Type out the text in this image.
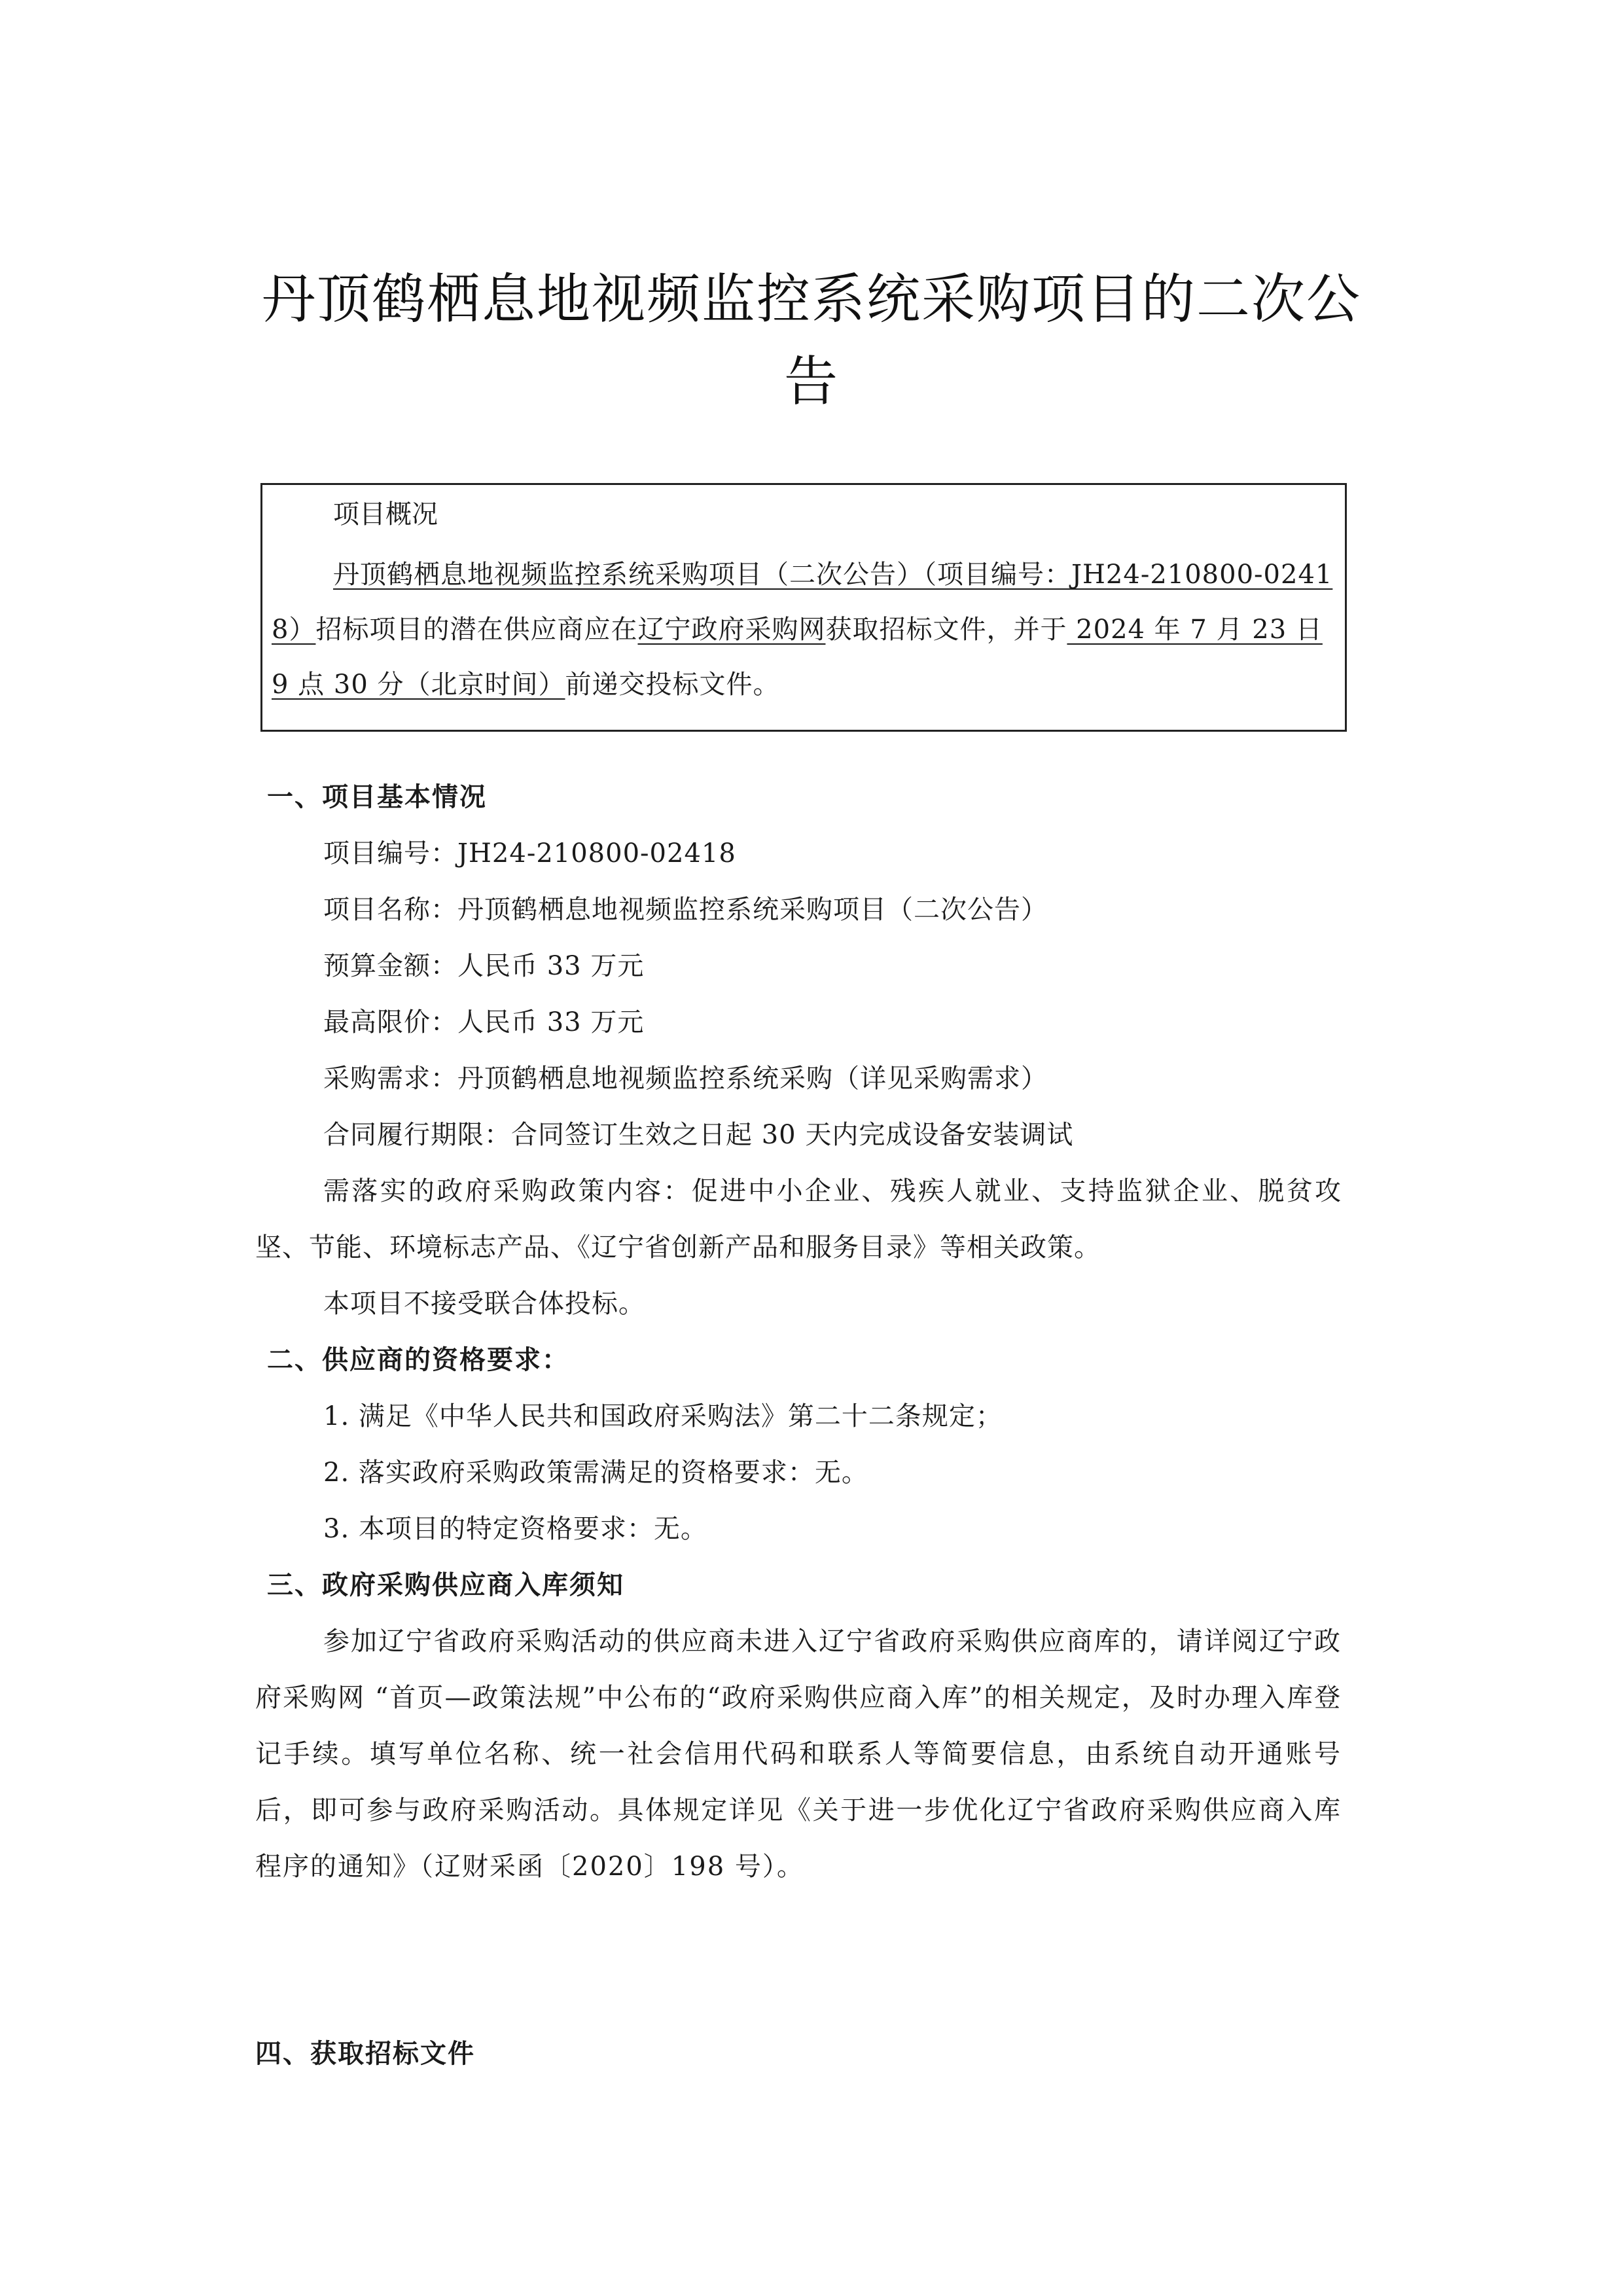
丹顶鹤栖息地视频监控系统采购项目的二次公告
项目概况
丹顶鹤栖息地视频监控系统采购项目（二次公告）（项目编号：JH24-210800-02418）招标项目的潜在供应商应在辽宁政府采购网获取招标文件，并于 2024 年 7 月 23 日 9 点 30 分（北京时间）前递交投标文件。
一、项目基本情况

项目编号：JH24-210800-02418

项目名称：丹顶鹤栖息地视频监控系统采购项目（二次公告）

预算金额：人民币 33 万元

最高限价：人民币 33 万元

采购需求：丹顶鹤栖息地视频监控系统采购（详见采购需求）

合同履行期限：合同签订生效之日起 30 天内完成设备安装调试

需落实的政府采购政策内容：促进中小企业、残疾人就业、支持监狱企业、脱贫攻坚、节能、环境标志产品、《辽宁省创新产品和服务目录》等相关政策。

本项目不接受联合体投标。

二、供应商的资格要求：

1. 满足《中华人民共和国政府采购法》第二十二条规定；

2. 落实政府采购政策需满足的资格要求：无。

3. 本项目的特定资格要求：无。

三、政府采购供应商入库须知

参加辽宁省政府采购活动的供应商未进入辽宁省政府采购供应商库的，请详阅辽宁政府采购网 “首页—政策法规”中公布的“政府采购供应商入库”的相关规定，及时办理入库登记手续。填写单位名称、统一社会信用代码和联系人等简要信息，由系统自动开通账号后，即可参与政府采购活动。具体规定详见《关于进一步优化辽宁省政府采购供应商入库程序的通知》（辽财采函〔2020〕198 号）。

四、获取招标文件
